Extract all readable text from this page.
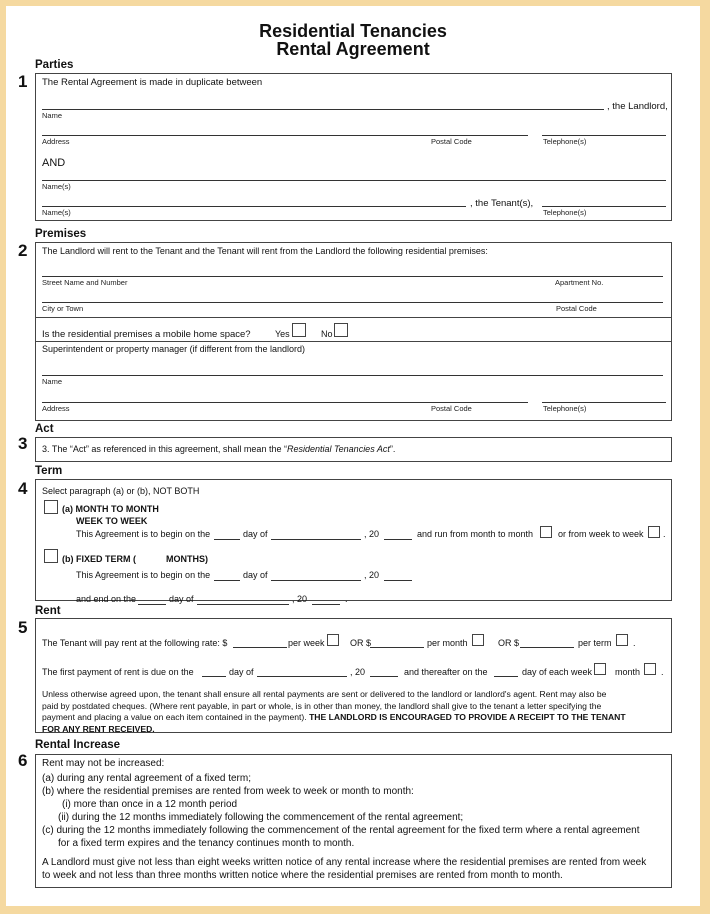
Residential Tenancies
Rental Agreement
Parties
1 The Rental Agreement is made in duplicate between
, the Landlord,
Name
Address	Postal Code	Telephone(s)
AND
Name(s)
, the Tenant(s),
Name(s)	Telephone(s)
Premises
2 The Landlord will rent to the Tenant and the Tenant will rent from the Landlord the following residential premises:
Street Name and Number	Apartment No.
City or Town	Postal Code
Is the residential premises a mobile home space?	Yes	No
Superintendent or property manager (if different from the landlord)
Name
Address	Postal Code	Telephone(s)
Act
3 3. The “Act” as referenced in this agreement, shall mean the “Residential Tenancies Act”.
Term
4 Select paragraph (a) or (b), NOT BOTH
(a) MONTH TO MONTH
WEEK TO WEEK
This Agreement is to begin on the	day of	, 20	and run from month to month	or from week to week .
(b) FIXED TERM (	MONTHS)
This Agreement is to begin on the	day of	, 20
and end on the	day of	, 20	.
Rent
5
The Tenant will pay rent at the following rate: $	per week	OR $	per month	OR $	per term .
The first payment of rent is due on the	day of	, 20	and thereafter on the	day of each week	month .
Unless otherwise agreed upon, the tenant shall ensure all rental payments are sent or delivered to the landlord or landlord's agent. Rent may also be
paid by postdated cheques. (Where rent payable, in part or whole, is in other than money, the landlord shall give to the tenant a letter specifying the
payment and placing a value on each item contained in the payment). THE LANDLORD IS ENCOURAGED TO PROVIDE A RECEIPT TO THE TENANT
FOR ANY RENT RECEIVED.
Rental Increase
6 Rent may not be increased:
(a) during any rental agreement of a fixed term;
(b) where the residential premises are rented from week to week or month to month:
(i) more than once in a 12 month period
(ii) during the 12 months immediately following the commencement of the rental agreement;
(c) during the 12 months immediately following the commencement of the rental agreement for the fixed term where a rental agreement
for a fixed term expires and the tenancy continues month to month.
A Landlord must give not less than eight weeks written notice of any rental increase where the residential premises are rented from week
to week and not less than three months written notice where the residential premises are rented from month to month.
